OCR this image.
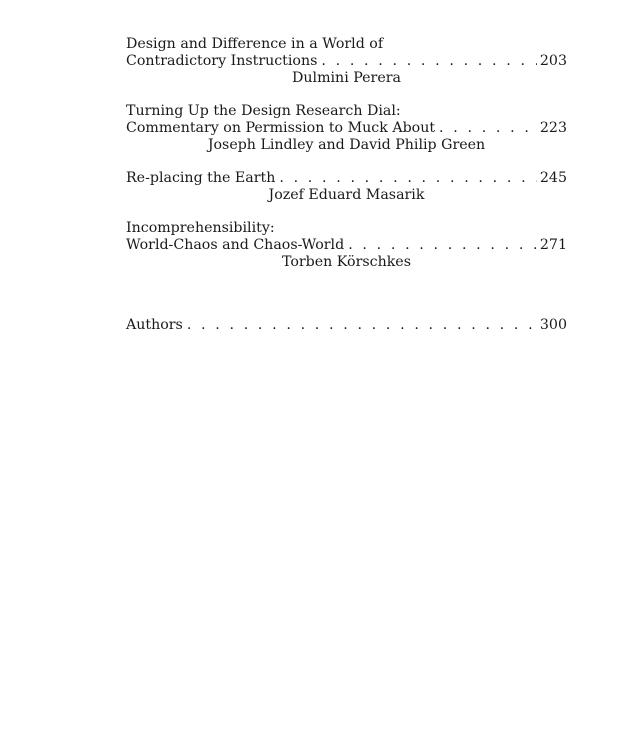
Design and Difference in a World of
Contradictory Instructions . . .	203
Dulmini Perera
Turning Up the Design Research Dial:
Commentary on Permission to Muck About . . .	223
Joseph Lindley and David Philip Green
Re-placing the Earth . . .	245
Jozef Eduard Masarik
Incomprehensibility:
World-Chaos and Chaos-World . . .	271
Torben Körschkes
Authors . . .	300
